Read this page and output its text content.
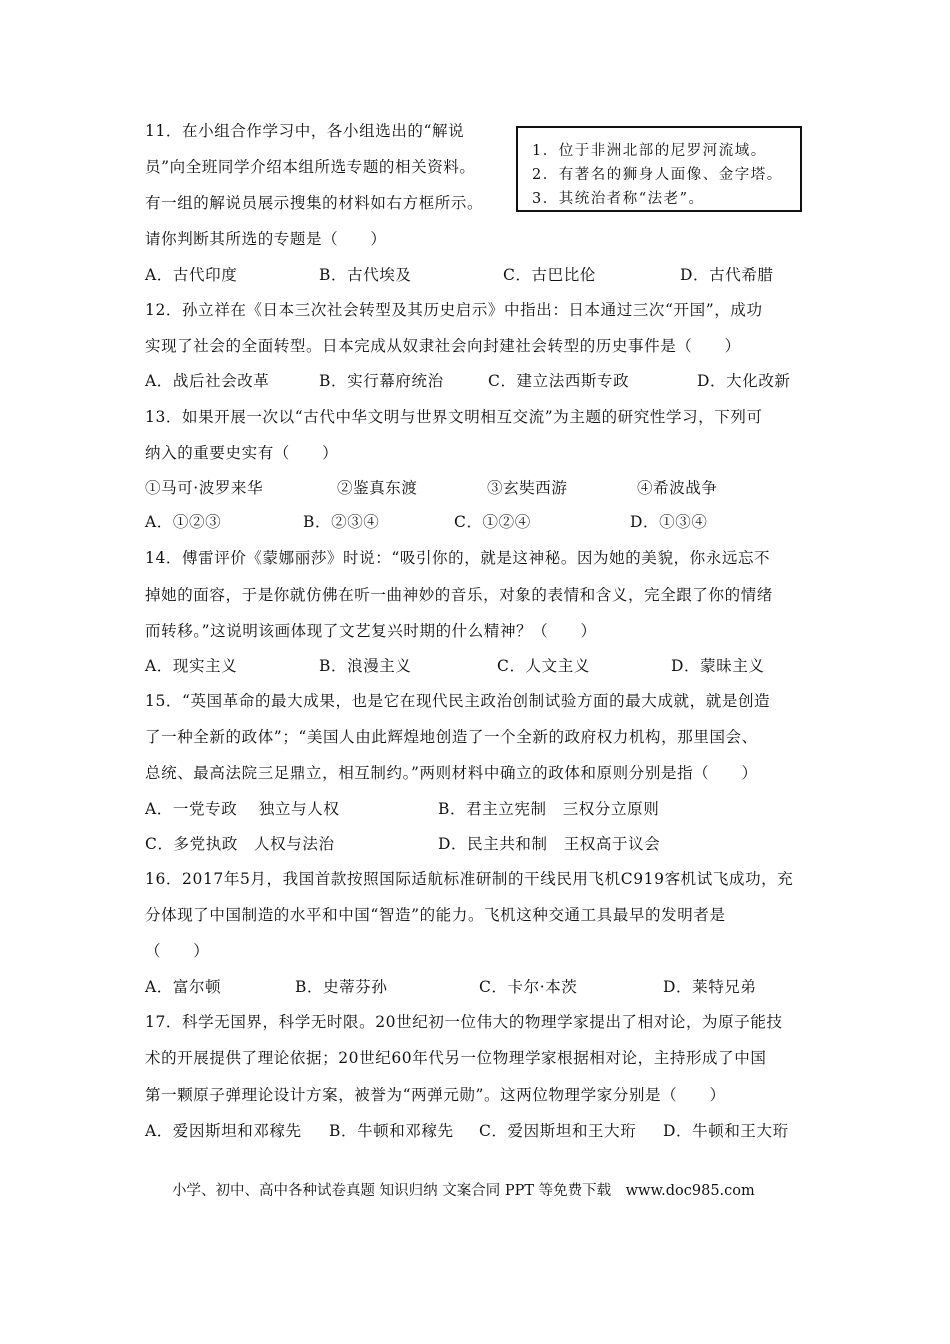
11．在小组合作学习中，各小组选出的“解说
员”向全班同学介绍本组所选专题的相关资料。
有一组的解说员展示搜集的材料如右方框所示。
请你判断其所选的专题是（　　）
1．位于非洲北部的尼罗河流域。
2．有著名的狮身人面像、金字塔。
3．其统治者称“法老”。
A．古代印度	B．古代埃及	C．古巴比伦	D．古代希腊
12．孙立祥在《日本三次社会转型及其历史启示》中指出：日本通过三次“开国”，成功
实现了社会的全面转型。日本完成从奴隶社会向封建社会转型的历史事件是（　　）
A．战后社会改革	B．实行幕府统治	C．建立法西斯专政	D．大化改新
13．如果开展一次以“古代中华文明与世界文明相互交流”为主题的研究性学习，下列可
纳入的重要史实有（　　）
①马可·波罗来华	②鉴真东渡	③玄奘西游	④希波战争
A．①②③	B．②③④	C．①②④	D．①③④
14．傅雷评价《蒙娜丽莎》时说：“吸引你的，就是这神秘。因为她的美貌，你永远忘不
掉她的面容，于是你就仿佛在听一曲神妙的音乐，对象的表情和含义，完全跟了你的情绪
而转移。”这说明该画体现了文艺复兴时期的什么精神？（　　）
A．现实主义	B．浪漫主义	C．人文主义	D．蒙昧主义
15．“英国革命的最大成果，也是它在现代民主政治创制试验方面的最大成就，就是创造
了一种全新的政体”；“美国人由此辉煌地创造了一个全新的政府权力机构，那里国会、
总统、最高法院三足鼎立，相互制约。”两则材料中确立的政体和原则分别是指（　　）
A．一党专政　 独立与人权	B．君主立宪制　三权分立原则
C．多党执政　人权与法治	D．民主共和制　王权高于议会
16．2017年5月，我国首款按照国际适航标准研制的干线民用飞机C919客机试飞成功，充
分体现了中国制造的水平和中国“智造”的能力。飞机这种交通工具最早的发明者是
（　　）
A．富尔顿	B．史蒂芬孙	C．卡尔·本茨	D．莱特兄弟
17．科学无国界，科学无时限。20世纪初一位伟大的物理学家提出了相对论，为原子能技
术的开展提供了理论依据；20世纪60年代另一位物理学家根据相对论，主持形成了中国
第一颗原子弹理论设计方案，被誉为“两弹元勋”。这两位物理学家分别是（　　）
A．爱因斯坦和邓稼先 B．牛顿和邓稼先 C．爱因斯坦和王大珩 D．牛顿和王大珩
小学、初中、高中各种试卷真题 知识归纳 文案合同 PPT 等免费下载　www.doc985.com
